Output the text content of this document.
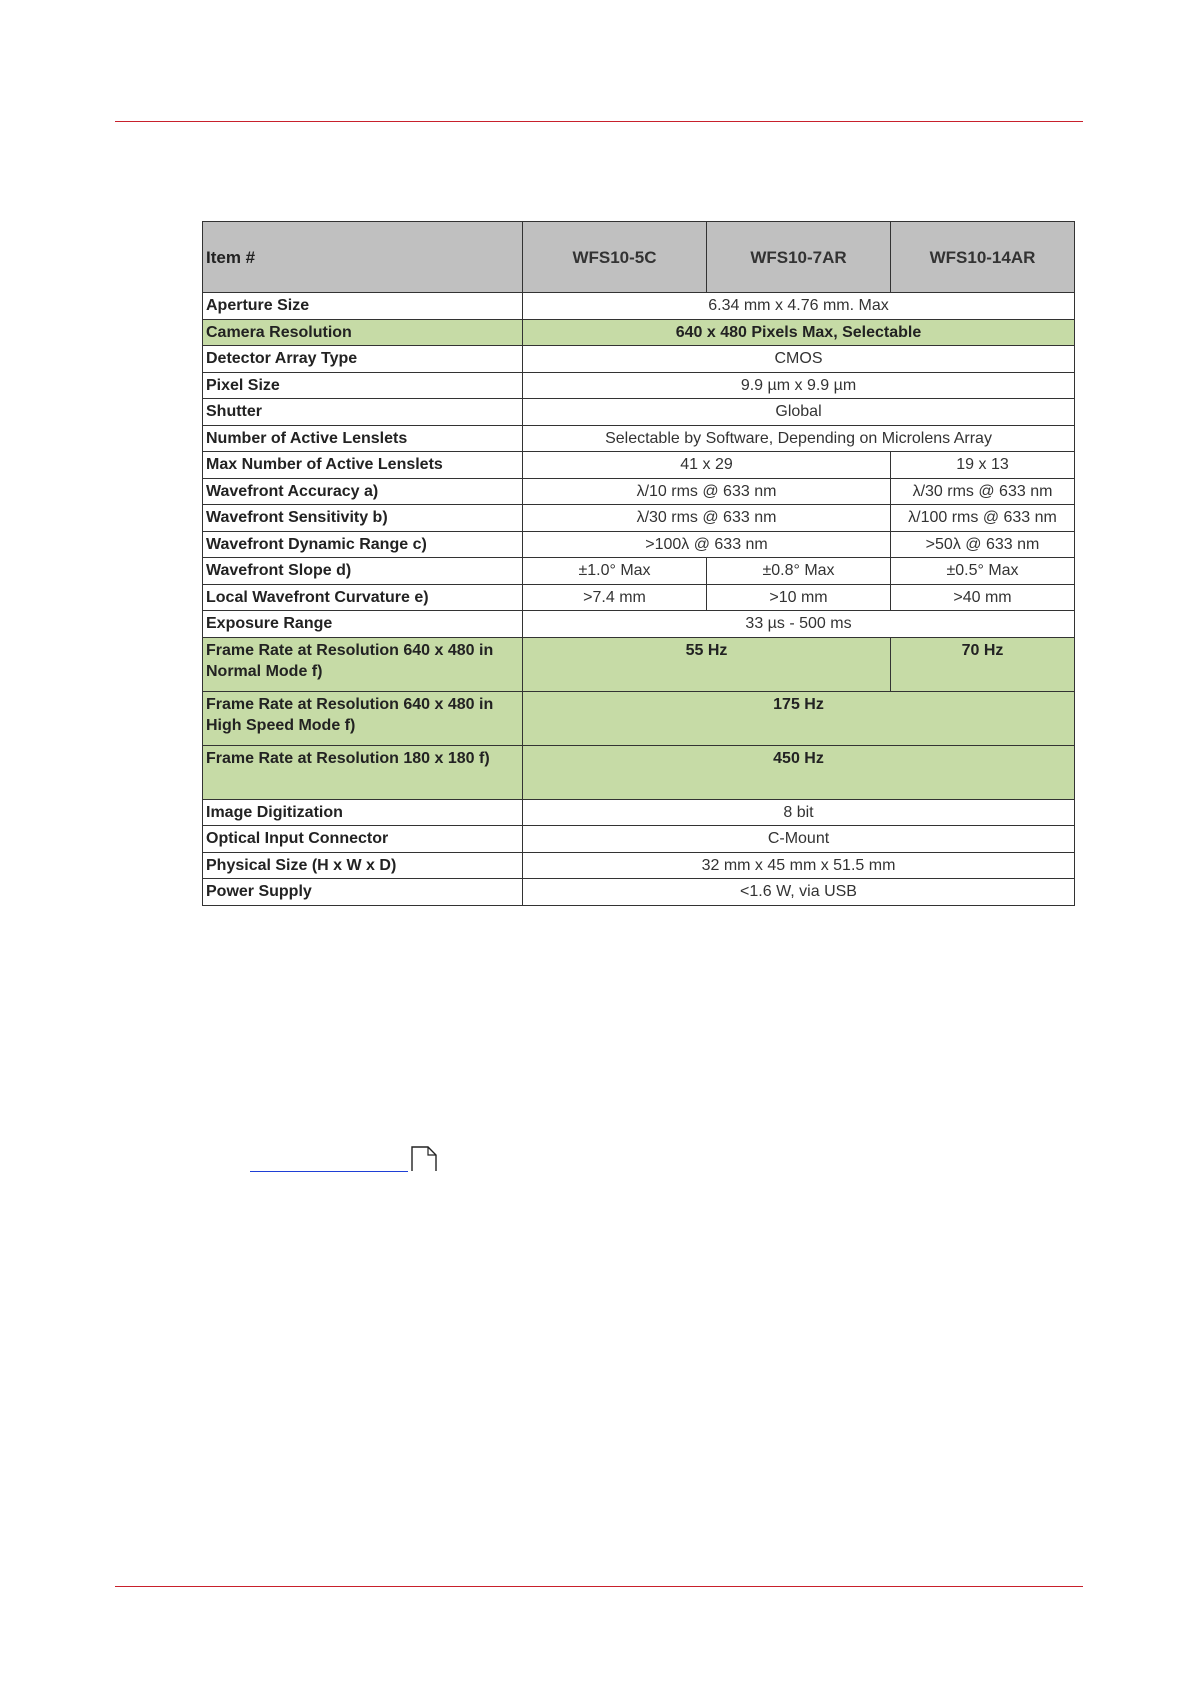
Item #	WFS10-5C	WFS10-7AR	WFS10-14AR
Aperture Size	6.34 mm x 4.76 mm. Max		
Camera Resolution	640 x 480 Pixels Max, Selectable		
Detector Array Type	CMOS		
Pixel Size	9.9 µm x 9.9 µm		
Shutter	Global		
Number of Active Lenslets	Selectable by Software, Depending on Microlens Array		
Max Number of Active Lenslets	41 x 29		19 x 13
Wavefront Accuracy a)	λ/10 rms @ 633 nm		λ/30 rms @ 633 nm
Wavefront Sensitivity b)	λ/30 rms @ 633 nm		λ/100 rms @ 633 nm
Wavefront Dynamic Range c)	>100λ @ 633 nm		>50λ @ 633 nm
Wavefront Slope d)	±1.0° Max	±0.8° Max	±0.5° Max
Local Wavefront Curvature e)	>7.4 mm	>10 mm	>40 mm
Exposure Range	33 µs - 500 ms		
Frame Rate at Resolution 640 x 480 in Normal Mode f)	55 Hz		70 Hz
Frame Rate at Resolution 640 x 480 in High Speed Mode f)	175 Hz		
Frame Rate at Resolution 180 x 180 f)	450 Hz		
Image Digitization	8 bit		
Optical Input Connector	C-Mount		
Physical Size (H x W x D)	32 mm x 45 mm x 51.5 mm		
Power Supply	<1.6 W, via USB		
